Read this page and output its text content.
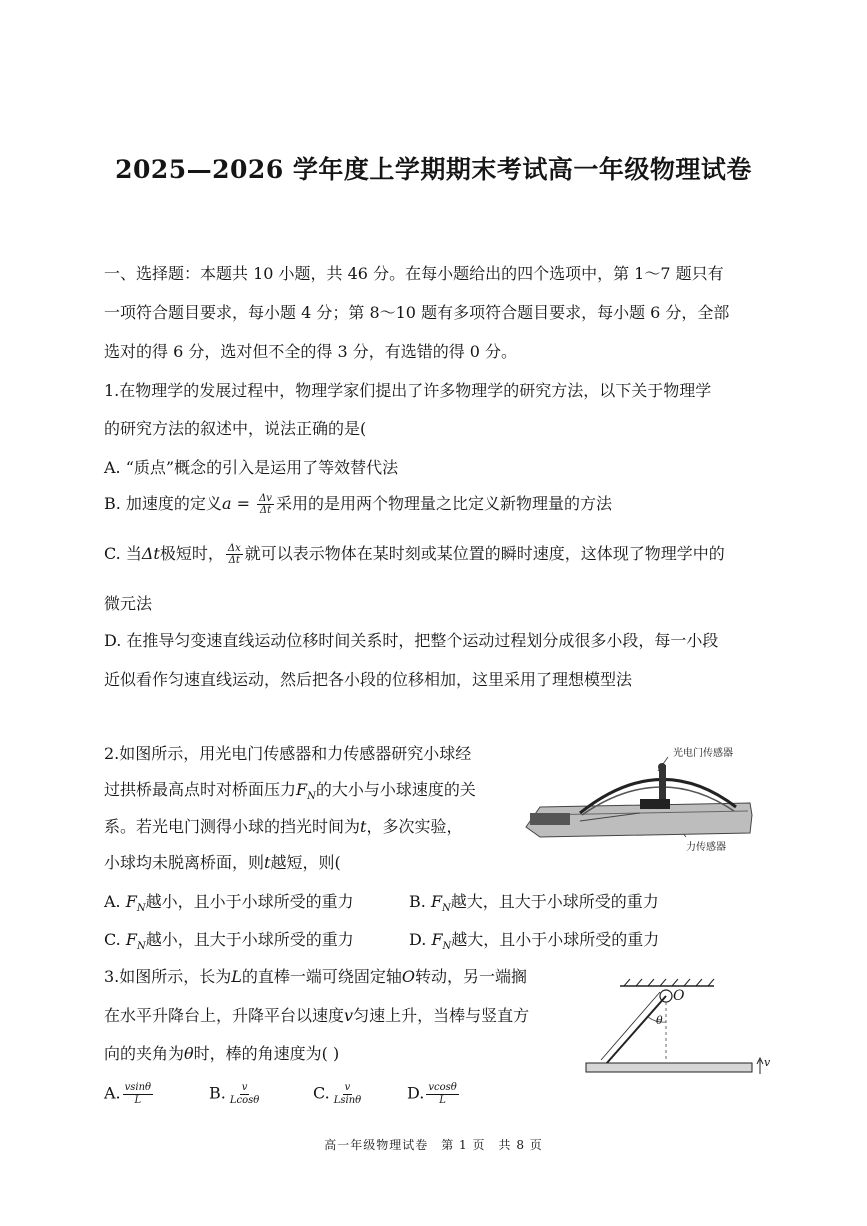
2025—2026 学年度上学期期末考试高一年级物理试卷
一、选择题：本题共 10 小题，共 46 分。在每小题给出的四个选项中，第 1～7 题只有
一项符合题目要求，每小题 4 分；第 8～10 题有多项符合题目要求，每小题 6 分，全部
选对的得 6 分，选对但不全的得 3 分，有选错的得 0 分。
1.在物理学的发展过程中，物理学家们提出了许多物理学的研究方法，以下关于物理学
的研究方法的叙述中，说法正确的是(
A. “质点”概念的引入是运用了等效替代法
B. 加速度的定义$a = \frac{\Delta v}{\Delta t}$ 采用的是用两个物理量之比定义新物理量的方法
C. 当Δt极短时， $\frac{\Delta x}{\Delta t}$ 就可以表示物体在某时刻或某位置的瞬时速度，这体现了物理学中的
微元法
D. 在推导匀变速直线运动位移时间关系时，把整个运动过程划分成很多小段，每一小段
近似看作匀速直线运动，然后把各小段的位移相加，这里采用了理想模型法
2.如图所示，用光电门传感器和力传感器研究小球经
过拱桥最高点时对桥面压力$F_N$的大小与小球速度的关
系。若光电门测得小球的挡光时间为t，多次实验，
小球均未脱离桥面，则t越短，则(
A. $F_N$越小，且小于小球所受的重力	B. $F_N$越大，且大于小球所受的重力
C. $F_N$越小，且大于小球所受的重力	D. $F_N$越大，且小于小球所受的重力
光电门传感器
力传感器
3.如图所示，长为L的直棒一端可绕固定轴O转动，另一端搁
在水平升降台上，升降平台以速度v匀速上升，当棒与竖直方
向的夹角为θ时，棒的角速度为( )
A. $\frac{vsin\theta}{L}$	B. $\frac{v}{Lcos\theta}$	C. $\frac{v}{Lsin\theta}$	D. $\frac{vcos\theta}{L}$
O
θ
v
高一年级物理试卷　第 1 页　共 8 页
